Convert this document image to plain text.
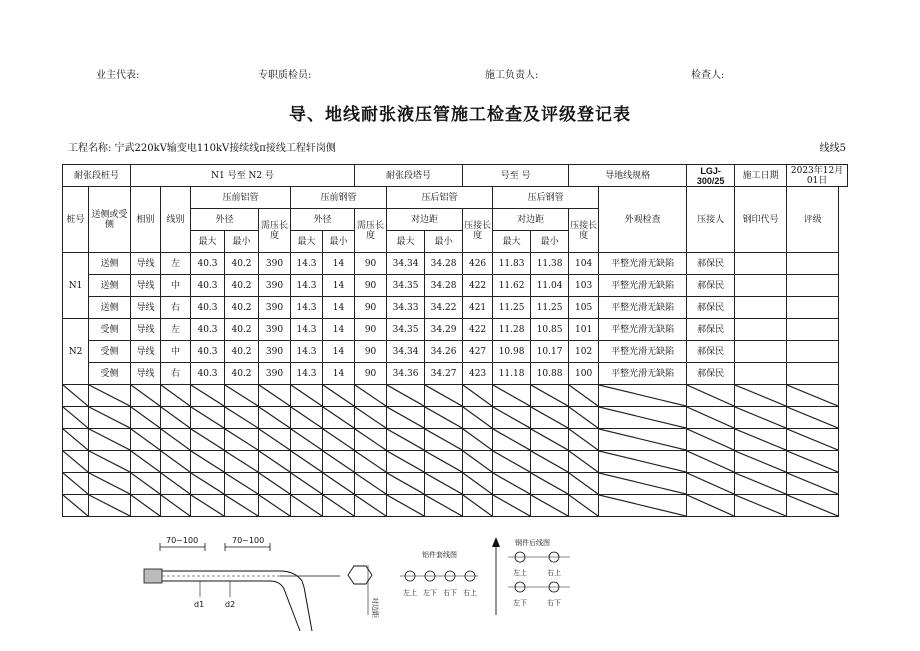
业主代表:	专职质检员:	施工负责人:	检查人:
导、地线耐张液压管施工检查及评级登记表
工程名称: 宁武220kV输变电110kV接续线π接线工程轩岗侧	线线5
耐张段桩号		N1 号至 N2 号							耐张段塔号			号至 号			导地线规格		LGJ-300/25	施工日期	2023年12月01日
桩号	送侧或受侧	相别	线别	压前铝管			压前钢管			压后铝管			压后钢管			外观检查	压接人	钢印代号	评级
				外径		需压长度	外径		需压长度	对边距		压接长度	对边距		压接长度				
				最大	最小		最大	最小		最大	最小		最大	最小					
N1	送侧	导线	左	40.3	40.2	390	14.3	14	90	34.34	34.28	426	11.83	11.38	104	平整光滑无缺陷	郝保民		
	送侧	导线	中	40.3	40.2	390	14.3	14	90	34.35	34.28	422	11.62	11.04	103	平整光滑无缺陷	郝保民		
	送侧	导线	右	40.3	40.2	390	14.3	14	90	34.33	34.22	421	11.25	11.25	105	平整光滑无缺陷	郝保民		
N2	受侧	导线	左	40.3	40.2	390	14.3	14	90	34.35	34.29	422	11.28	10.85	101	平整光滑无缺陷	郝保民		
	受侧	导线	中	40.3	40.2	390	14.3	14	90	34.34	34.26	427	10.98	10.17	102	平整光滑无缺陷	郝保民		
	受侧	导线	右	40.3	40.2	390	14.3	14	90	34.36	34.27	423	11.18	10.88	100	平整光滑无缺陷	郝保民		

70~100	70~100
d1	d2	对边距
铝件套线图
左上 左下 右下 右上
钢件后线图
左上	右上
左下	右下
